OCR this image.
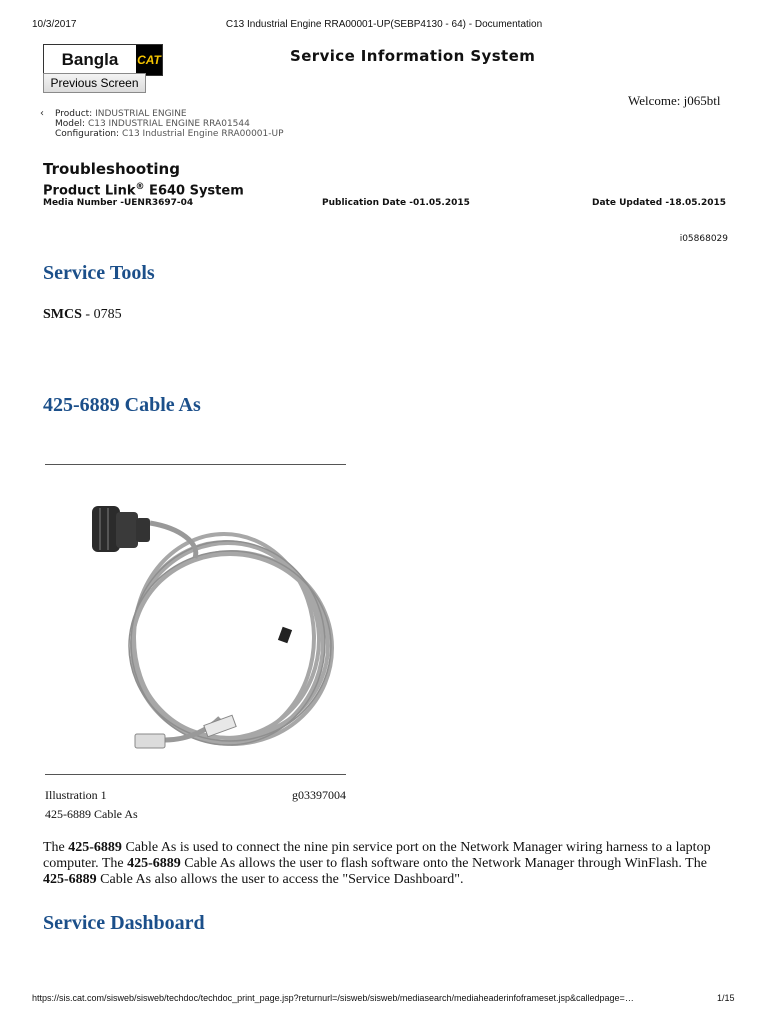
10/3/2017	C13 Industrial Engine RRA00001-UP(SEBP4130 - 64) - Documentation
Bangla	CAT
Previous Screen
Service Information System
Welcome: j065btl
‹	Product: INDUSTRIAL ENGINE
Model: C13 INDUSTRIAL ENGINE RRA01544
Configuration: C13 Industrial Engine RRA00001-UP
Troubleshooting
Product Link® E640 System
Media Number -UENR3697-04	Publication Date -01.05.2015	Date Updated -18.05.2015
i05868029
Service Tools
SMCS - 0785
425-6889 Cable As
Illustration 1	g03397004
425-6889 Cable As
The 425-6889 Cable As is used to connect the nine pin service port on the Network Manager wiring harness to a laptop computer. The 425-6889 Cable As allows the user to flash software onto the Network Manager through WinFlash. The 425-6889 Cable As also allows the user to access the "Service Dashboard".
Service Dashboard
https://sis.cat.com/sisweb/sisweb/techdoc/techdoc_print_page.jsp?returnurl=/sisweb/sisweb/mediasearch/mediaheaderinfoframeset.jsp&calledpage=…	1/15
